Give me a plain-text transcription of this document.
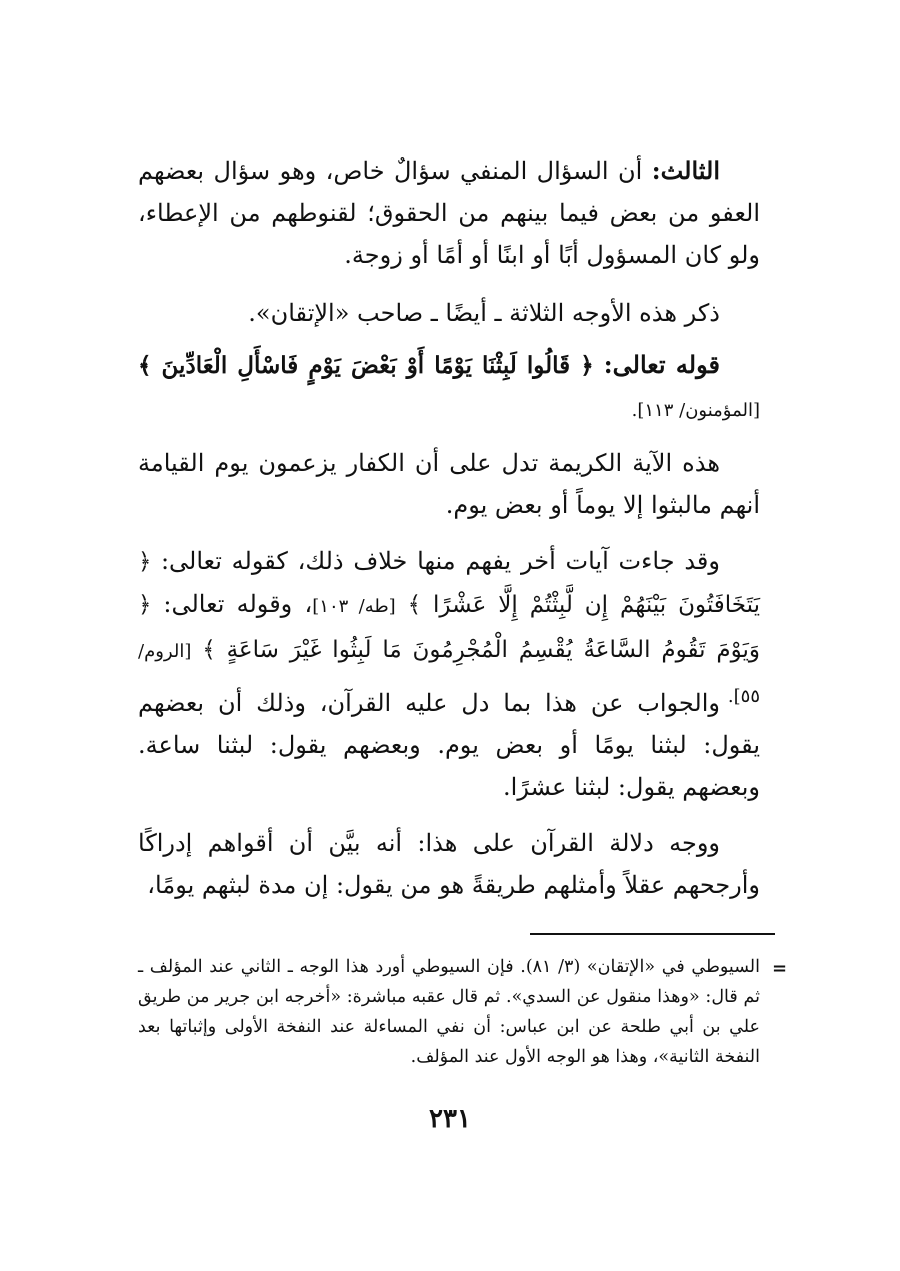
الثالث: أن السؤال المنفي سؤالٌ خاص، وهو سؤال بعضهم العفو من بعض فيما بينهم من الحقوق؛ لقنوطهم من الإعطاء، ولو كان المسؤول أبًا أو ابنًا أو أمًا أو زوجة.

ذكر هذه الأوجه الثلاثة ـ أيضًا ـ صاحب «الإتقان».

قوله تعالى: ﴿ قَالُوا لَبِثْنَا يَوْمًا أَوْ بَعْضَ يَوْمٍ فَاسْأَلِ الْعَادِّينَ ﴾ [المؤمنون/ ١١٣].

هذه الآية الكريمة تدل على أن الكفار يزعمون يوم القيامة أنهم مالبثوا إلا يوماً أو بعض يوم.

وقد جاءت آيات أخر يفهم منها خلاف ذلك، كقوله تعالى: ﴿ يَتَخَافَتُونَ بَيْنَهُمْ إِن لَّبِثْتُمْ إِلَّا عَشْرًا ﴾ [طه/ ١٠٣]، وقوله تعالى: ﴿ وَيَوْمَ تَقُومُ السَّاعَةُ يُقْسِمُ الْمُجْرِمُونَ مَا لَبِثُوا غَيْرَ سَاعَةٍ ﴾ [الروم/ ٥٥].

والجواب عن هذا بما دل عليه القرآن، وذلك أن بعضهم يقول: لبثنا يومًا أو بعض يوم. وبعضهم يقول: لبثنا ساعة. وبعضهم يقول: لبثنا عشرًا.

ووجه دلالة القرآن على هذا: أنه بيَّن أن أقواهم إدراكًا وأرجحهم عقلاً وأمثلهم طريقةً هو من يقول: إن مدة لبثهم يومًا،

=

السيوطي في «الإتقان» (٣/ ٨١). فإن السيوطي أورد هذا الوجه ـ الثاني عند المؤلف ـ ثم قال: «وهذا منقول عن السدي». ثم قال عقبه مباشرة: «أخرجه ابن جرير من طريق علي بن أبي طلحة عن ابن عباس: أن نفي المساءلة عند النفخة الأولى وإثباتها بعد النفخة الثانية»، وهذا هو الوجه الأول عند المؤلف.

٢٣١
